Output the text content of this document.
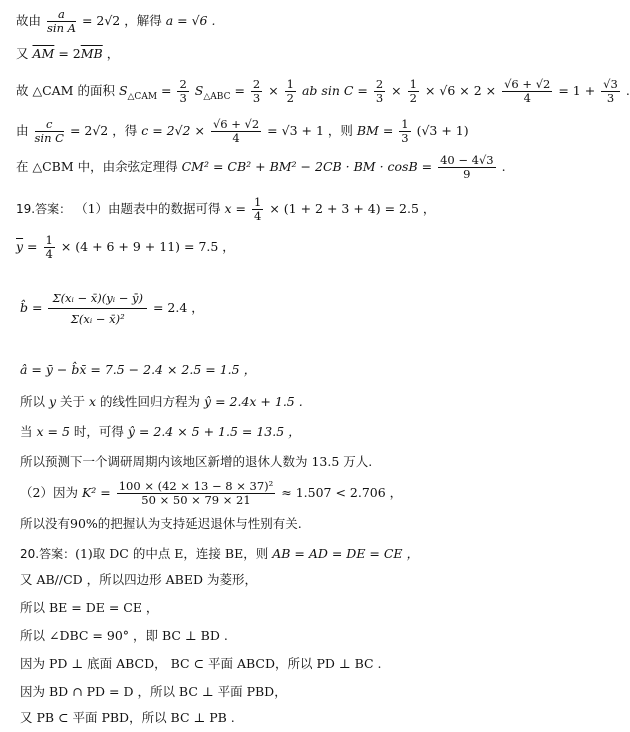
故由 $\frac{a}{\text{sin A}} = 2√2$ ，解得 a = √6 .
又 $\overline{AM} = 2\overline{MB}$ ，
故 △CAM 的面积 $S_{\triangle CAM} = \frac{2}{3} S_{\triangle ABC} = \frac{2}{3} \times \frac{1}{2}$ ab $\sin C = \frac{2}{3} \times \frac{1}{2} \times √6 \times 2 \times \frac{√6 + √2}{4} = 1 + \frac{√3}{3}$ .
由 $\frac{c}{\text{sin C}} = 2√2$ ，得 $c = 2√2 \times \frac{√6 + √2}{4} = √3 + 1$ ，则 BM = $\frac{1}{3} (√3 + 1)$
在 △CBM 中，由余弦定理得 CM² = CB² + BM² − 2CB · BM · $\cos B = \frac{40 - 4√3}{9}$ .
19.答案： （1）由题表中的数据可得 $x = \frac{1}{4} \times (1 + 2 + 3 + 4) = 2.5$ ，
$\overline{y} = \frac{1}{4} \times (4 + 6 + 9 + 11) = 7.5$ ，
b̂ = $\frac{\text{Σ(xᵢ − x̄)(yᵢ − ȳ)}}{\text{Σ(xᵢ − x̄)²}} = 2.4$ ，
â = ȳ − b̂x̄ = 7.5 − 2.4 × 2.5 = 1.5 ，
所以 y 关于 x 的线性回归方程为 ŷ = 2.4x + 1.5 .
当 x = 5 时，可得 ŷ = 2.4 × 5 + 1.5 = 13.5 ，
所以预测下一个调研周期内该地区新增的退休人数为 13.5 万人.
（2）因为 $K^2 = \frac{\text{100 × (42 × 13 − 8 × 37)²}}{50 \times 50 \times 79 \times 21} \approx 1.507 < 2.706$ ，
所以没有90%的把握认为支持延迟退休与性别有关.
20.答案：(1)取 DC 的中点 E，连接 BE，则 AB = AD = DE = CE ，
又 AB//CD ，所以四边形 ABED 为菱形，
所以 BE = DE = CE ，
所以 ∠DBC = 90° ，即 BC ⊥ BD .
因为 PD ⊥ 底面 ABCD， BC ⊂ 平面 ABCD，所以 PD ⊥ BC .
因为 BD ∩ PD = D ，所以 BC ⊥ 平面 PBD，
又 PB ⊂ 平面 PBD，所以 BC ⊥ PB .
